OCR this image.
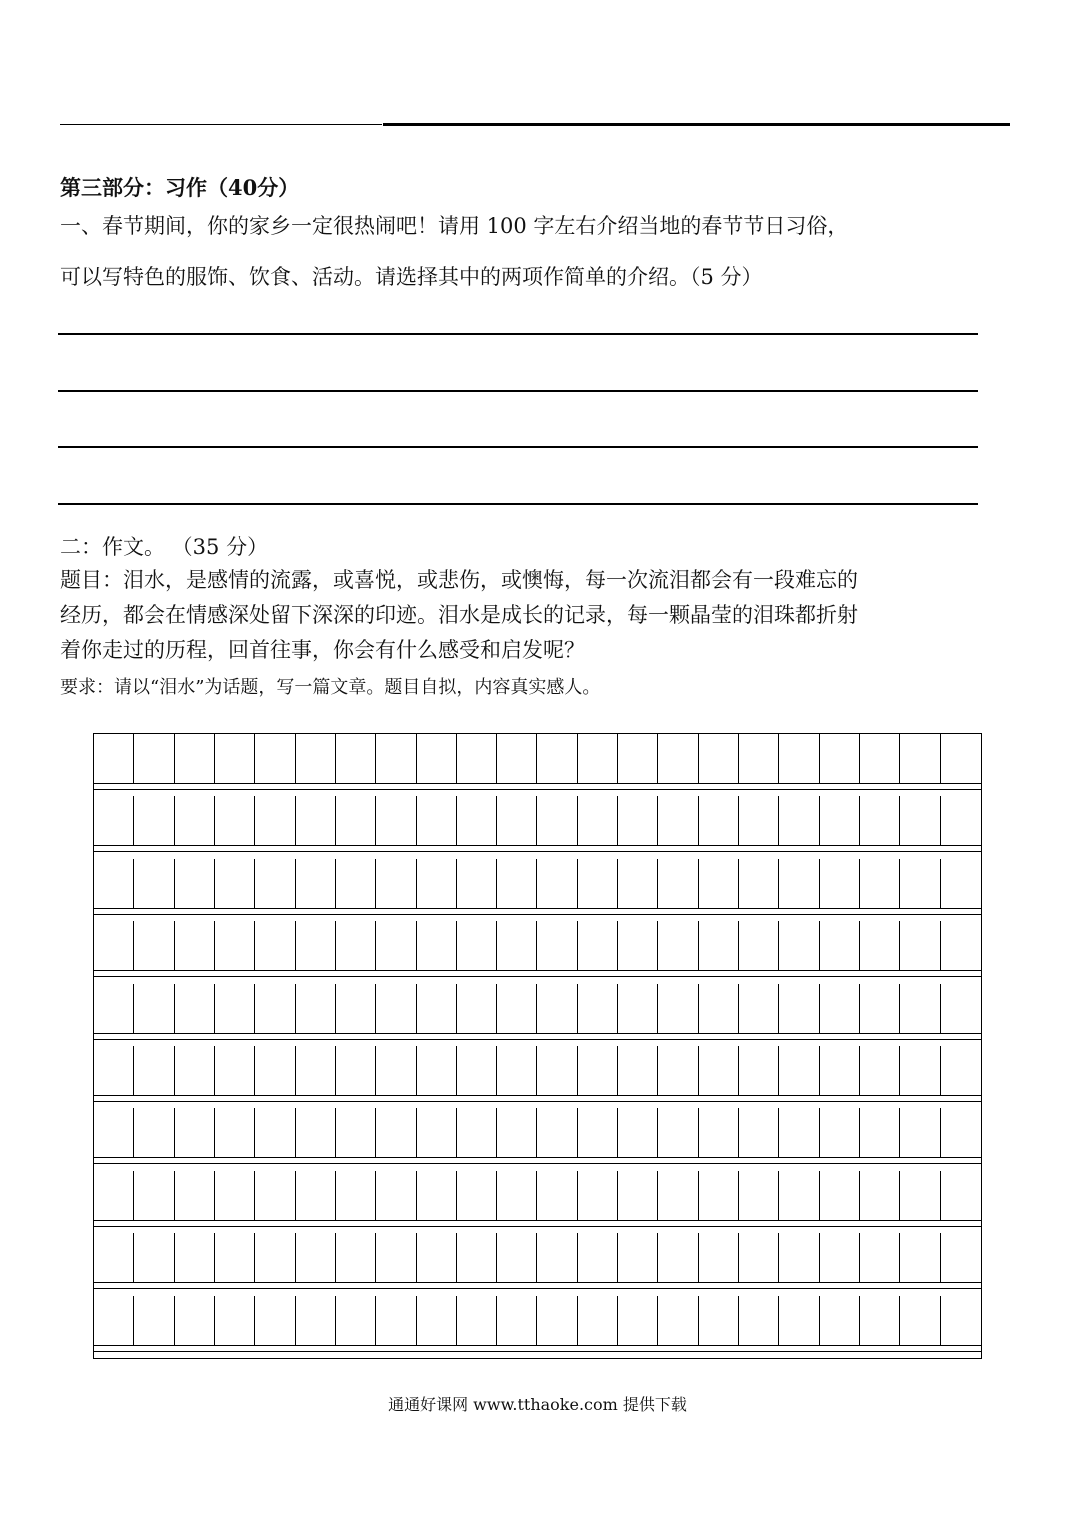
第三部分：习作（40分）
一、春节期间，你的家乡一定很热闹吧！请用 100 字左右介绍当地的春节节日习俗，
可以写特色的服饰、饮食、活动。请选择其中的两项作简单的介绍。（5 分）
二：作文。 （35 分）
题目：泪水，是感情的流露，或喜悦，或悲伤，或懊悔，每一次流泪都会有一段难忘的
经历，都会在情感深处留下深深的印迹。泪水是成长的记录，每一颗晶莹的泪珠都折射
着你走过的历程，回首往事，你会有什么感受和启发呢？
要求：请以“泪水”为话题，写一篇文章。题目自拟，内容真实感人。
通通好课网 www.tthaoke.com 提供下载
